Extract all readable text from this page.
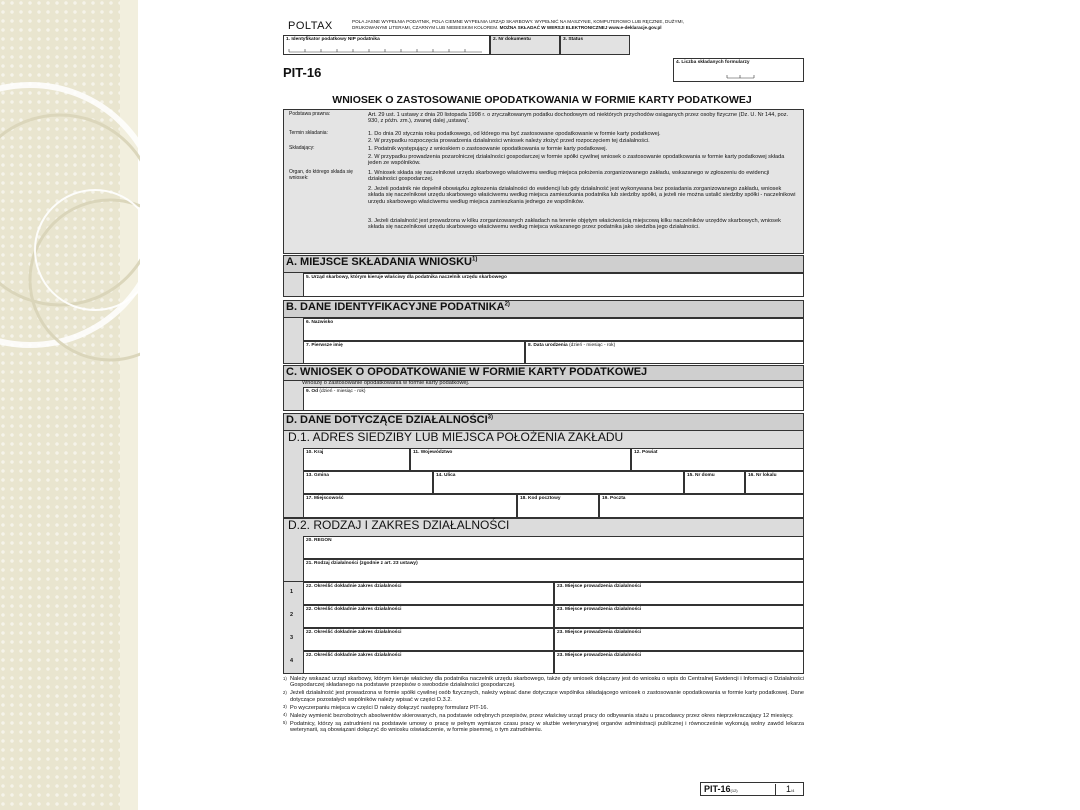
POLTAX	POLA JASNE WYPEŁNIA PODATNIK, POLA CIEMNE WYPEŁNIA URZĄD SKARBOWY. WYPEŁNIĆ NA MASZYNIE, KOMPUTEROWO LUB RĘCZNIE, DUŻYMI,
DRUKOWANYMI LITERAMI, CZARNYM LUB NIEBIESKIM KOLOREM. MOŻNA SKŁADAĆ W WERSJI ELEKTRONICZNEJ www.e-deklaracje.gov.pl
1. Identyfikator podatkowy NIP podatnika	2. Nr dokumentu	3. Status
PIT-16
4. Liczba składanych formularzy
WNIOSEK O ZASTOSOWANIE OPODATKOWANIA W FORMIE KARTY PODATKOWEJ
Podstawa prawna:	Art. 29 ust. 1 ustawy z dnia 20 listopada 1998 r. o zryczałtowanym podatku dochodowym od niektórych przychodów osiąganych przez osoby fizyczne (Dz. U. Nr 144, poz. 930, z późn. zm.), zwanej dalej „ustawą”.
Termin składania:	1. Do dnia 20 stycznia roku podatkowego, od którego ma być zastosowane opodatkowanie w formie karty podatkowej.
2. W przypadku rozpoczęcia prowadzenia działalności wniosek należy złożyć przed rozpoczęciem tej działalności.
Składający:	1. Podatnik występujący z wnioskiem o zastosowanie opodatkowania w formie karty podatkowej.
2. W przypadku prowadzenia pozarolniczej działalności gospodarczej w formie spółki cywilnej wniosek o zastosowanie opodatkowania w formie karty podatkowej składa jeden ze wspólników.
Organ, do którego składa się wniosek:
1. Wniosek składa się naczelnikowi urzędu skarbowego właściwemu według miejsca położenia zorganizowanego zakładu, wskazanego w zgłoszeniu do ewidencji działalności gospodarczej.
2. Jeżeli podatnik nie dopełnił obowiązku zgłoszenia działalności do ewidencji lub gdy działalność jest wykonywana bez posiadania zorganizowanego zakładu, wniosek składa się naczelnikowi urzędu skarbowego właściwemu według miejsca zamieszkania podatnika lub siedziby spółki, a jeżeli nie można ustalić siedziby spółki - naczelnikowi urzędu skarbowego właściwemu według miejsca zamieszkania jednego ze wspólników.
3. Jeżeli działalność jest prowadzona w kilku zorganizowanych zakładach na terenie objętym właściwością miejscową kilku naczelników urzędów skarbowych, wniosek składa się naczelnikowi urzędu skarbowego właściwemu według miejsca wskazanego przez podatnika jako siedziba jego działalności.
A. MIEJSCE SKŁADANIA WNIOSKU$^{1)}$
5. Urząd skarbowy, którym kieruje właściwy dla podatnika naczelnik urzędu skarbowego
B. DANE IDENTYFIKACYJNE PODATNIKA$^{2)}$
6. Nazwisko
7. Pierwsze imię	8. Data urodzenia (dzień - miesiąc - rok)
C. WNIOSEK O OPODATKOWANIE W FORMIE KARTY PODATKOWEJ
Wnoszę o zastosowanie opodatkowania w formie karty podatkowej.
9. Od (dzień - miesiąc - rok)
D. DANE DOTYCZĄCE DZIAŁALNOŚCI$^{3)}$
D.1. ADRES SIEDZIBY LUB MIEJSCA POŁOŻENIA ZAKŁADU
10. Kraj	11. Województwo	12. Powiat
13. Gmina	14. Ulica	15. Nr domu	16. Nr lokalu
17. Miejscowość	18. Kod pocztowy	19. Poczta
D.2. RODZAJ I ZAKRES DZIAŁALNOŚCI
20. REGON
21. Rodzaj działalności (zgodnie z art. 23 ustawy)
1
22. Określić dokładnie zakres działalności	23. Miejsce prowadzenia działalności
2
22. Określić dokładnie zakres działalności	23. Miejsce prowadzenia działalności
3
22. Określić dokładnie zakres działalności	23. Miejsce prowadzenia działalności
4
22. Określić dokładnie zakres działalności	23. Miejsce prowadzenia działalności
1) Należy wskazać urząd skarbowy, którym kieruje właściwy dla podatnika naczelnik urzędu skarbowego, także gdy wniosek dołączany jest do wniosku o wpis do Centralnej Ewidencji i Informacji o Działalności Gospodarczej składanego na podstawie przepisów o swobodzie działalności gospodarczej.
2) Jeżeli działalność jest prowadzona w formie spółki cywilnej osób fizycznych, należy wpisać dane dotyczące wspólnika składającego wniosek o zastosowanie opodatkowania w formie karty podatkowej. Dane dotyczące pozostałych wspólników należy wpisać w części D.3.2.
3) Po wyczerpaniu miejsca w części D należy dołączyć następny formularz PIT-16.
4) Należy wymienić bezrobotnych absolwentów skierowanych, na podstawie odrębnych przepisów, przez właściwy urząd pracy do odbywania stażu u pracodawcy przez okres nieprzekraczający 12 miesięcy.
5) Podatnicy, którzy są zatrudnieni na podstawie umowy o pracę w pełnym wymiarze czasu pracy w służbie weterynaryjnej organów administracji publicznej i równocześnie wykonują wolny zawód lekarza weterynarii, są obowiązani dołączyć do wniosku oświadczenie, w formie pisemnej, o tym zatrudnieniu.
PIT-16(12)	1/4
